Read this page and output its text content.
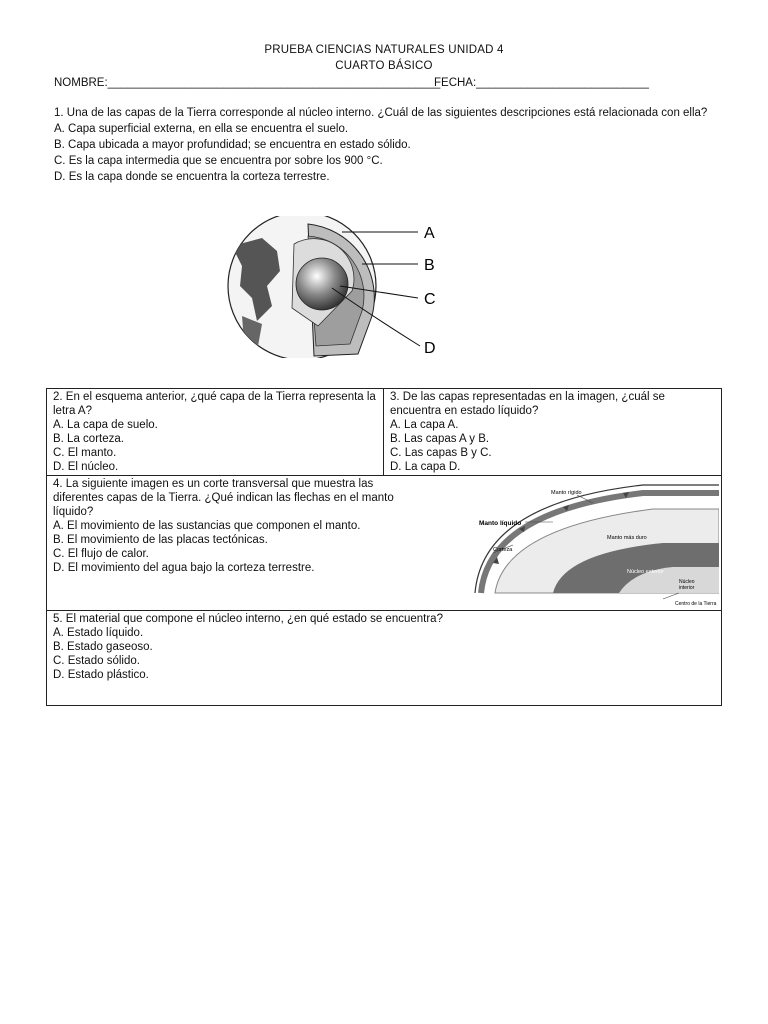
PRUEBA CIENCIAS NATURALES UNIDAD 4
CUARTO BÁSICO
NOMBRE:____________________________________________________
FECHA:___________________________

1. Una de las capas de la Tierra corresponde al núcleo interno. ¿Cuál de las siguientes descripciones está relacionada con ella?

A. Capa superficial externa, en ella se encuentra el suelo.

B. Capa ubicada a mayor profundidad; se encuentra en estado sólido.

C. Es la capa intermedia que se encuentra por sobre los 900 °C.

D. Es la capa donde se encuentra la corteza terrestre.

A
B
C
D

2. En el esquema anterior, ¿qué capa de la Tierra representa la letra A?

A. La capa de suelo.

B. La corteza.

C. El manto.

D. El núcleo.

3. De las capas representadas en la imagen, ¿cuál se encuentra en estado líquido?

A. La capa A.

B. Las capas A y B.

C. Las capas B y C.

D. La capa D.

4. La siguiente imagen es un corte transversal que muestra las diferentes capas de la Tierra. ¿Qué indican las flechas en el manto líquido?

A. El movimiento de las sustancias que componen el manto.

B. El movimiento de las placas tectónicas.

C. El flujo de calor.

D. El movimiento del agua bajo la corteza terrestre.

Manto rígido
Manto líquido
Corteza
Manto más duro
Núcleo exterior
Núcleo
interior
Centro de la Tierra

5. El material que compone el núcleo interno, ¿en qué estado se encuentra?

A. Estado líquido.

B. Estado gaseoso.

C. Estado sólido.

D. Estado plástico.
